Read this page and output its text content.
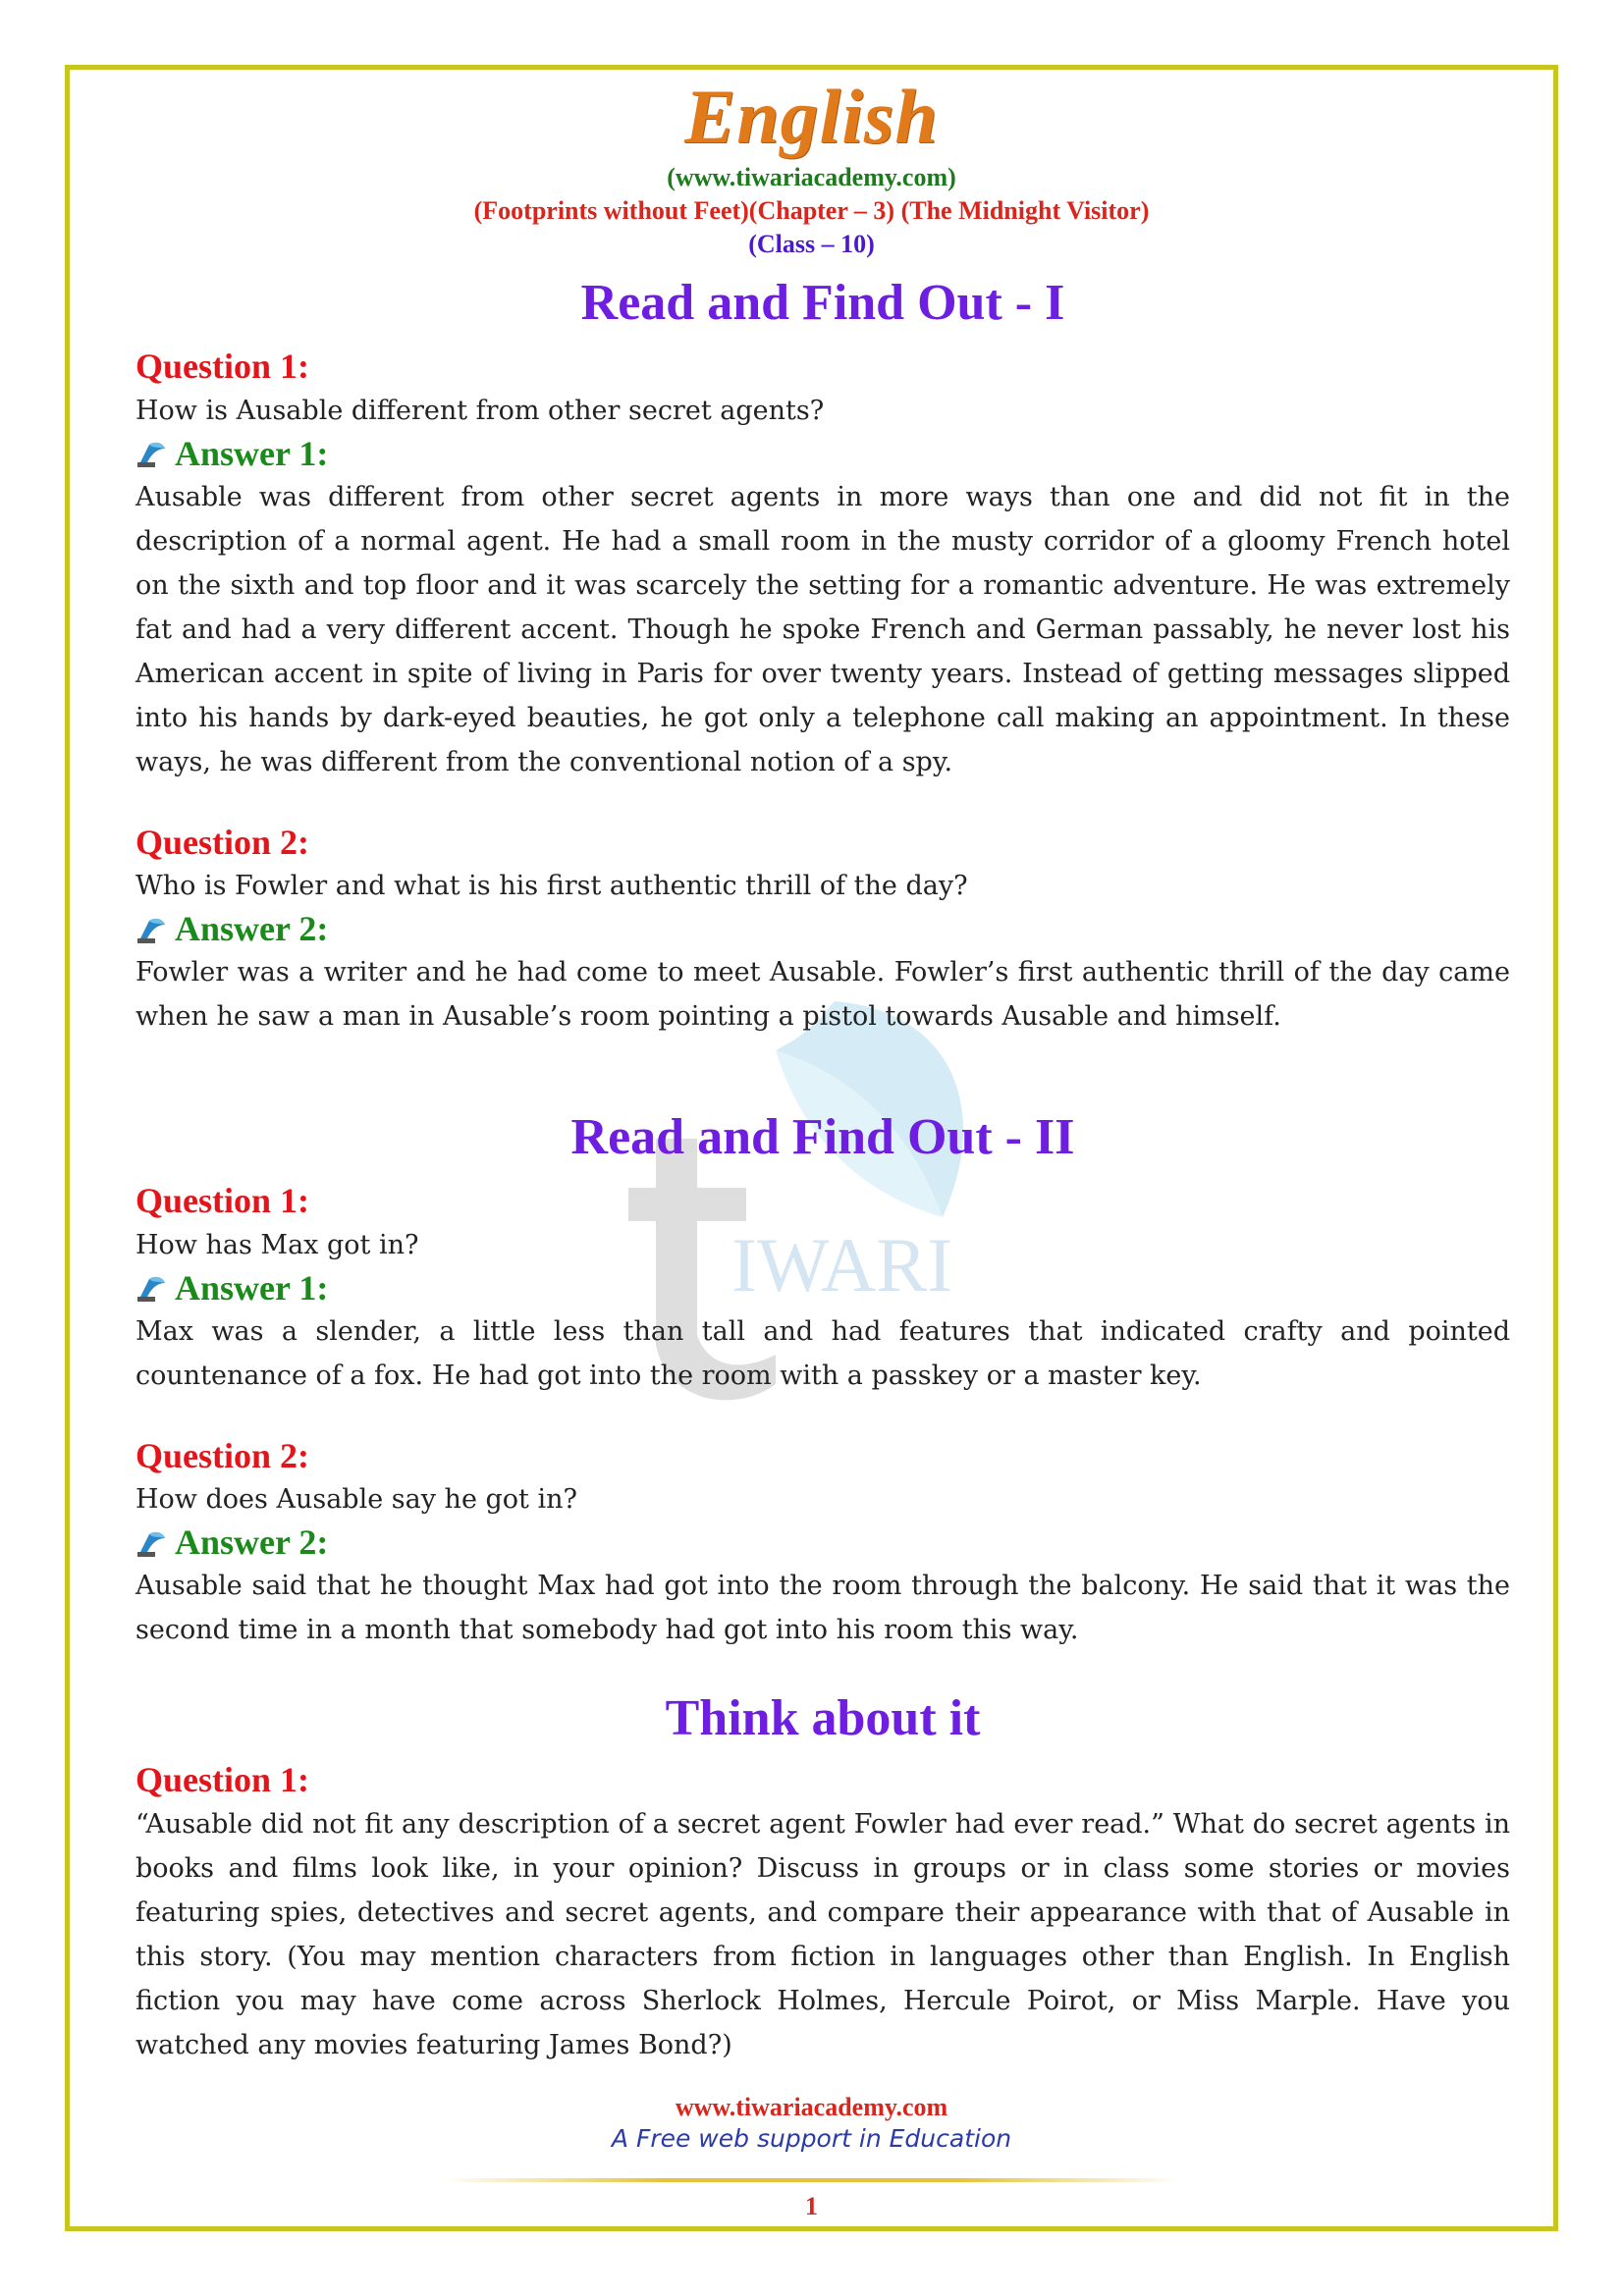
IWARI
English
(www.tiwariacademy.com)
(Footprints without Feet)(Chapter – 3) (The Midnight Visitor)
(Class – 10)
Read and Find Out - I
Question 1:
How is Ausable different from other secret agents?
Answer 1:
Ausable was different from other secret agents in more ways than one and did not fit in the description of a normal agent. He had a small room in the musty corridor of a gloomy French hotel on the sixth and top floor and it was scarcely the setting for a romantic adventure. He was extremely fat and had a very different accent. Though he spoke French and German passably, he never lost his American accent in spite of living in Paris for over twenty years. Instead of getting messages slipped into his hands by dark-eyed beauties, he got only a telephone call making an appointment. In these ways, he was different from the conventional notion of a spy.
Question 2:
Who is Fowler and what is his first authentic thrill of the day?
Answer 2:
Fowler was a writer and he had come to meet Ausable. Fowler’s first authentic thrill of the day came when he saw a man in Ausable’s room pointing a pistol towards Ausable and himself.
Read and Find Out - II
Question 1:
How has Max got in?
Answer 1:
Max was a slender, a little less than tall and had features that indicated crafty and pointed countenance of a fox. He had got into the room with a passkey or a master key.
Question 2:
How does Ausable say he got in?
Answer 2:
Ausable said that he thought Max had got into the room through the balcony. He said that it was the second time in a month that somebody had got into his room this way.
Think about it
Question 1:
“Ausable did not fit any description of a secret agent Fowler had ever read.” What do secret agents in books and films look like, in your opinion? Discuss in groups or in class some stories or movies featuring spies, detectives and secret agents, and compare their appearance with that of Ausable in this story. (You may mention characters from fiction in languages other than English. In English fiction you may have come across Sherlock Holmes, Hercule Poirot, or Miss Marple. Have you watched any movies featuring James Bond?)
www.tiwariacademy.com
A Free web support in Education
1
